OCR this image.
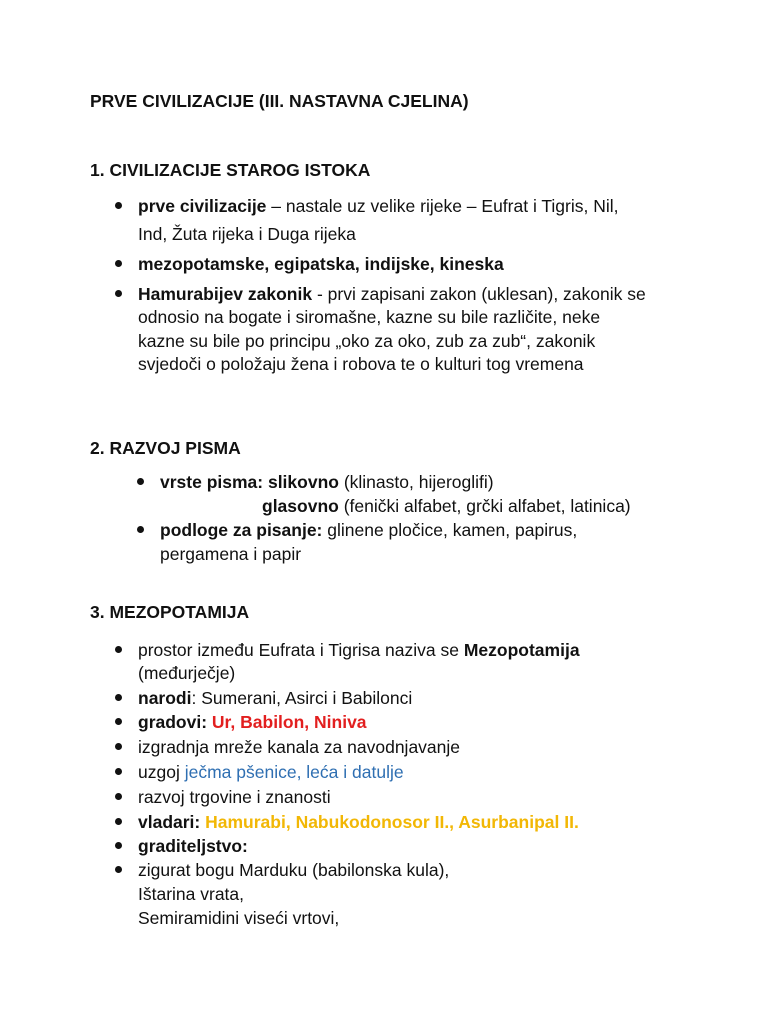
PRVE CIVILIZACIJE (III. NASTAVNA CJELINA)
1. CIVILIZACIJE STAROG ISTOKA
prve civilizacije – nastale uz velike rijeke – Eufrat i Tigris, Nil,
Ind, Žuta rijeka i Duga rijeka
mezopotamske, egipatska, indijske, kineska
Hamurabijev zakonik - prvi zapisani zakon (uklesan), zakonik se
odnosio na bogate i siromašne, kazne su bile različite, neke
kazne su bile po principu „oko za oko, zub za zub“, zakonik
svjedoči o položaju žena i robova te o kulturi tog vremena
2. RAZVOJ PISMA
vrste pisma: slikovno (klinasto, hijeroglifi)
glasovno (fenički alfabet, grčki alfabet, latinica)
podloge za pisanje: glinene pločice, kamen, papirus,
pergamena i papir
3. MEZOPOTAMIJA
prostor između Eufrata i Tigrisa naziva se Mezopotamija
(međurječje)
narodi: Sumerani, Asirci i Babilonci
gradovi: Ur, Babilon, Niniva
izgradnja mreže kanala za navodnjavanje
uzgoj ječma pšenice, leća i datulje
razvoj trgovine i znanosti
vladari: Hamurabi, Nabukodonosor II., Asurbanipal II.
graditeljstvo:
zigurat bogu Marduku (babilonska kula),
Ištarina vrata,
Semiramidini viseći vrtovi,
